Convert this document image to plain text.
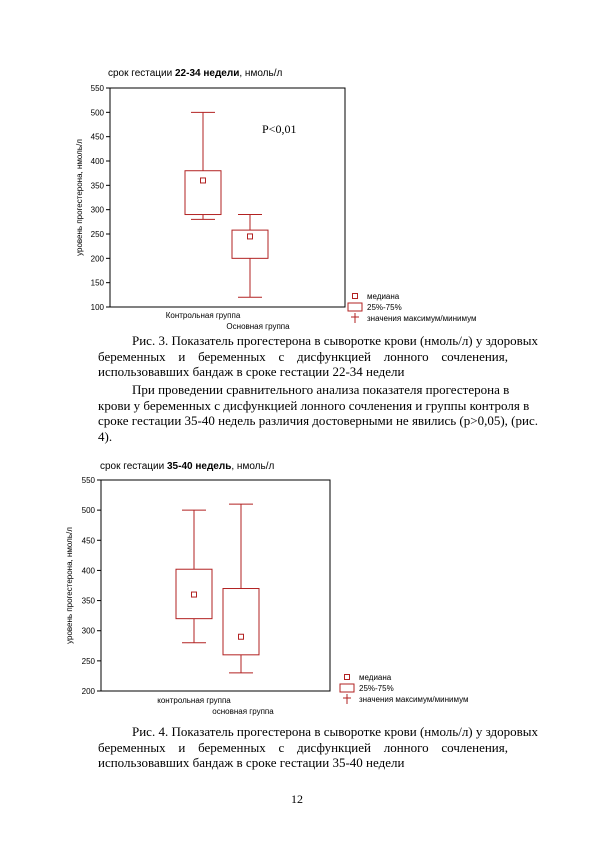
срок гестации 22-34 недели, нмоль/л
100
150
200
250
300
350
400
450
500
550
уровень прогестерона, нмоль/л
Контрольная группа
Основная группа
P<0,01
медиана
25%-75%
значения максимум/минимум
Рис. 3. Показатель прогестерона в сыворотке крови (нмоль/л) у здоровых
беременных и беременных с дисфункцией лонного сочленения,
использовавших бандаж в сроке гестации 22-34 недели
При проведении сравнительного анализа показателя прогестерона в
крови у беременных с дисфункцией лонного сочленения и группы контроля в
сроке гестации 35-40 недель различия достоверными не явились (р>0,05), (рис.
4).
срок гестации 35-40 недель, нмоль/л
200
250
300
350
400
450
500
550
уровень прогестерона, нмоль/л
контрольная группа
основная группа
медиана
25%-75%
значения максимум/минимум
Рис. 4. Показатель прогестерона в сыворотке крови (нмоль/л) у здоровых
беременных и беременных с дисфункцией лонного сочленения,
использовавших бандаж в сроке гестации 35-40 недели
12
